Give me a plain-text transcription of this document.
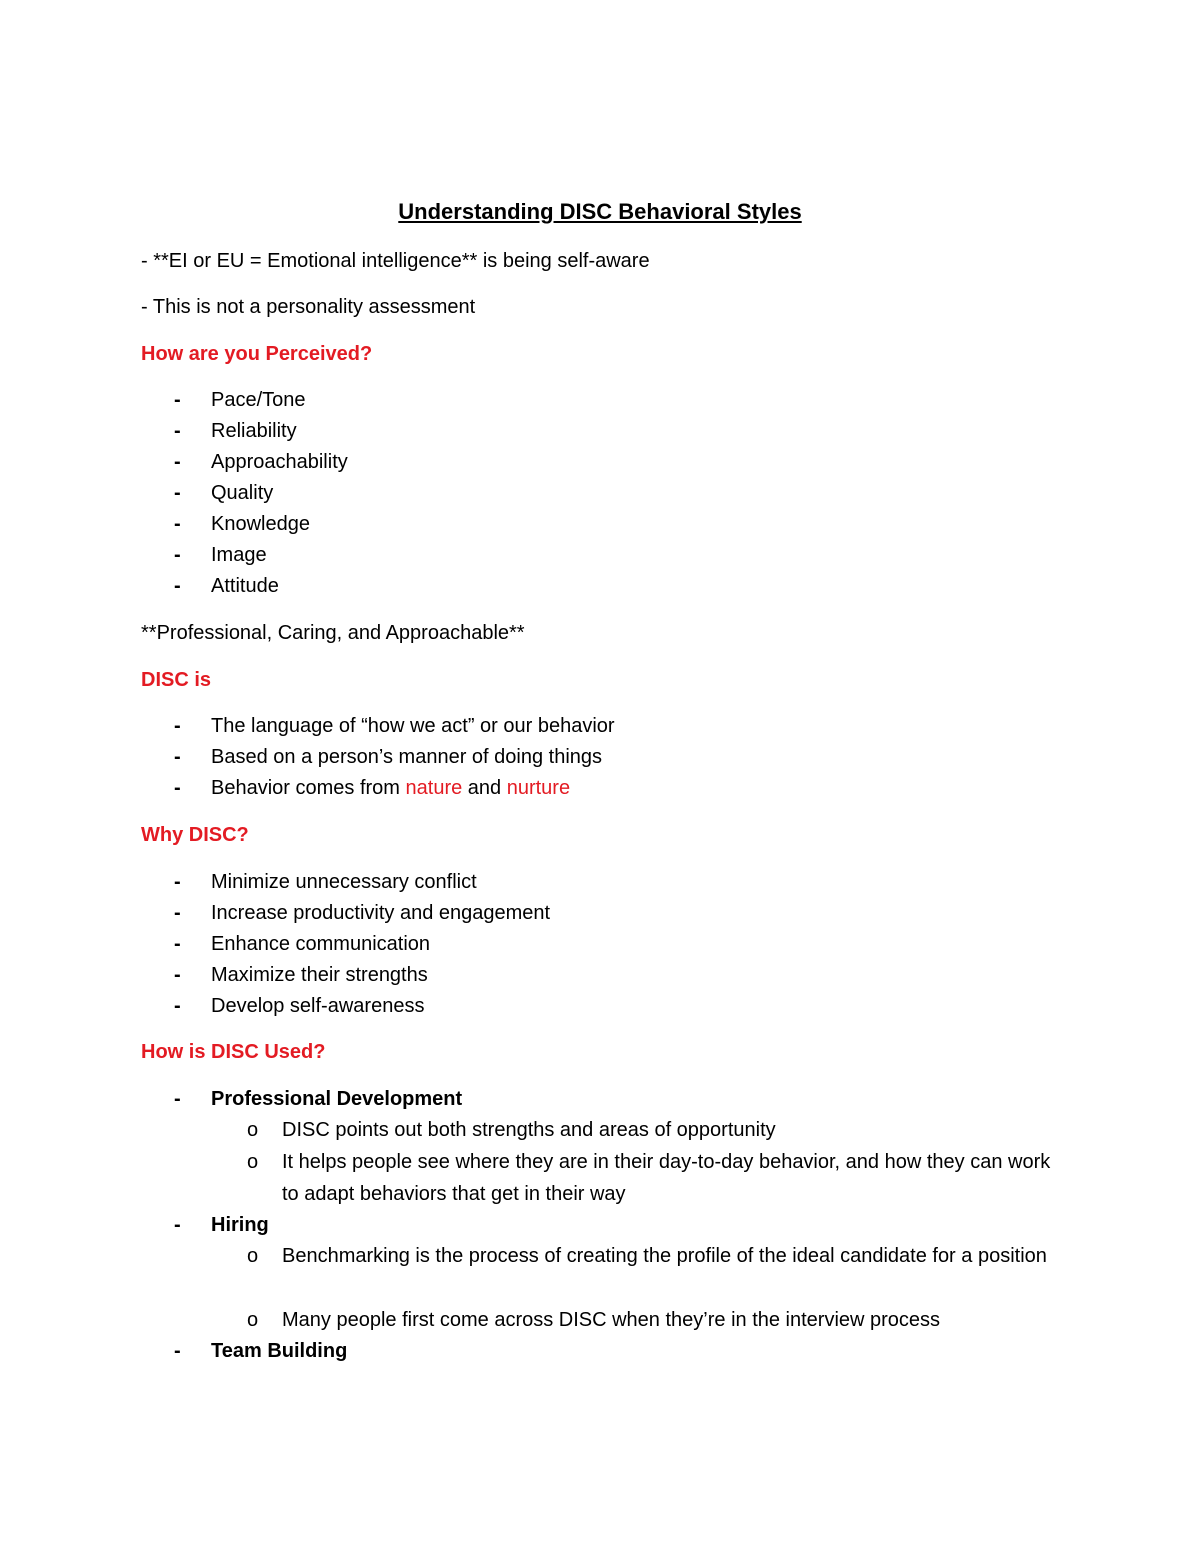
Understanding DISC Behavioral Styles
- **EI or EU = Emotional intelligence** is being self-aware
- This is not a personality assessment
How are you Perceived?
- Pace/Tone
- Reliability
- Approachability
- Quality
- Knowledge
- Image
- Attitude
**Professional, Caring, and Approachable**
DISC is
- The language of “how we act” or our behavior
- Based on a person’s manner of doing things
- Behavior comes from nature and nurture
Why DISC?
- Minimize unnecessary conflict
- Increase productivity and engagement
- Enhance communication
- Maximize their strengths
- Develop self-awareness
How is DISC Used?
- Professional Development
o DISC points out both strengths and areas of opportunity
o It helps people see where they are in their day-to-day behavior, and how they can work to adapt behaviors that get in their way
- Hiring
o Benchmarking is the process of creating the profile of the ideal candidate for a position
o Many people first come across DISC when they’re in the interview process
- Team Building
